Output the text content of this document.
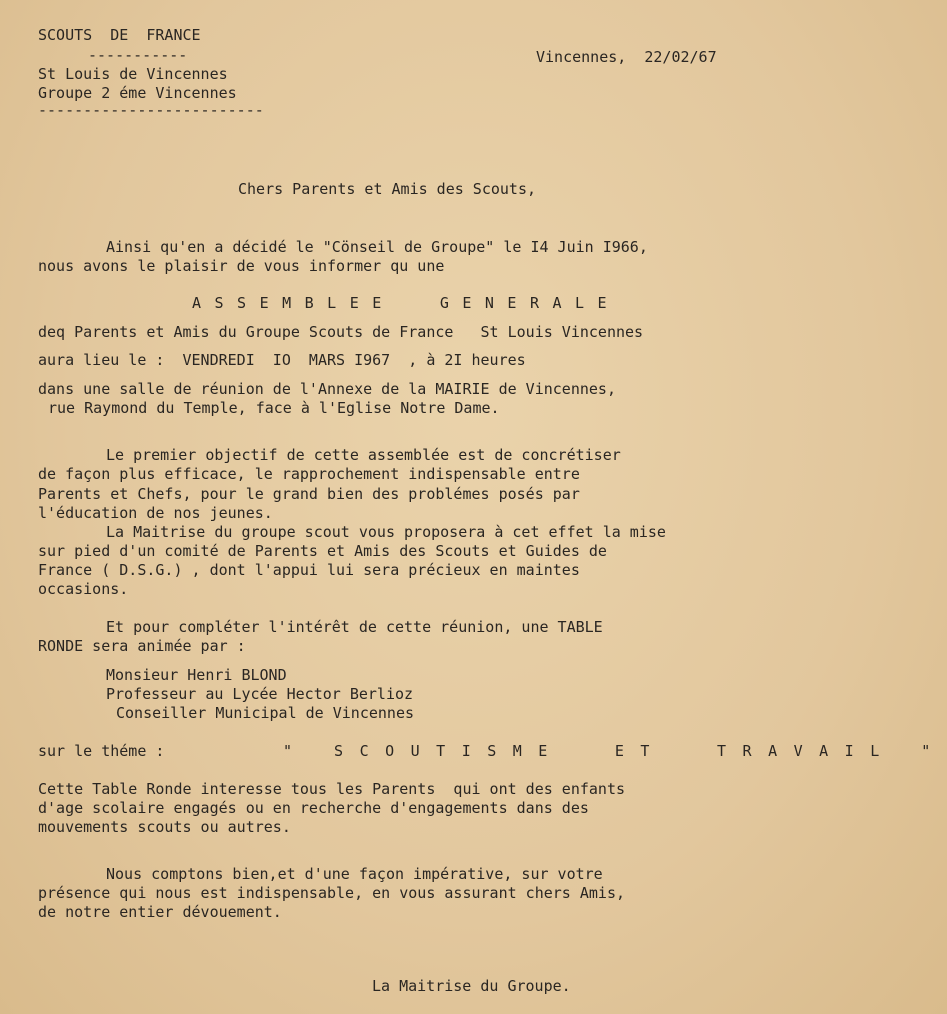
SCOUTS  DE  FRANCE
-----------
St Louis de Vincennes
Groupe 2 éme Vincennes
-------------------------
Vincennes,  22/02/67
Chers Parents et Amis des Scouts,
Ainsi qu'en a décidé le "Cönseil de Groupe" le I4 Juin I966,
nous avons le plaisir de vous informer qu une
ASSEMBLEE  GENERALE
deq Parents et Amis du Groupe Scouts de France   St Louis Vincennes
aura lieu le :  VENDREDI  IO  MARS I967  , à 2I heures
dans une salle de réunion de l'Annexe de la MAIRIE de Vincennes,
rue Raymond du Temple, face à l'Eglise Notre Dame.
Le premier objectif de cette assemblée est de concrétiser
de façon plus efficace, le rapprochement indispensable entre
Parents et Chefs, pour le grand bien des problémes posés par
l'éducation de nos jeunes.
La Maitrise du groupe scout vous proposera à cet effet la mise
sur pied d'un comité de Parents et Amis des Scouts et Guides de
France ( D.S.G.) , dont l'appui lui sera précieux en maintes
occasions.
Et pour compléter l'intérêt de cette réunion, une TABLE
RONDE sera animée par :
Monsieur Henri BLOND
Professeur au Lycée Hector Berlioz
Conseiller Municipal de Vincennes
sur le théme :	" SCOUTISME  ET  TRAVAIL "
Cette Table Ronde interesse tous les Parents  qui ont des enfants
d'age scolaire engagés ou en recherche d'engagements dans des
mouvements scouts ou autres.
Nous comptons bien,et d'une façon impérative, sur votre
présence qui nous est indispensable, en vous assurant chers Amis,
de notre entier dévouement.
La Maitrise du Groupe.
